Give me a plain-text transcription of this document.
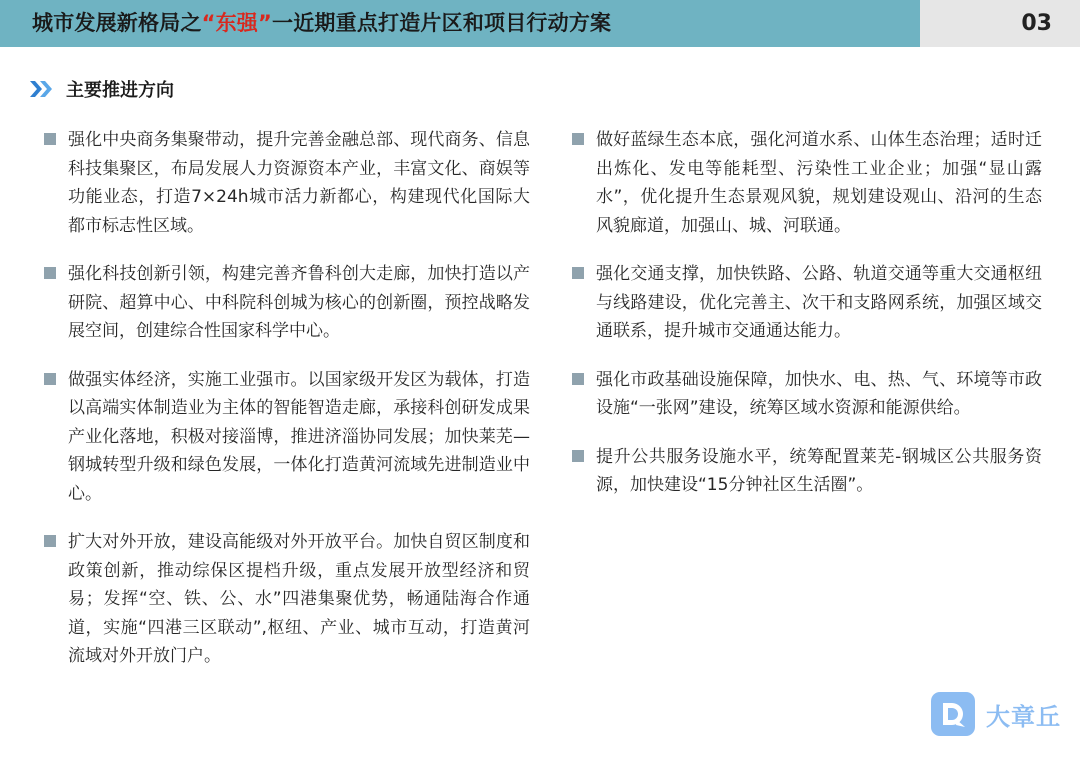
城市发展新格局之“东强”一近期重点打造片区和项目行动方案	03
主要推进方向
强化中央商务集聚带动，提升完善金融总部、现代商务、信息科技集聚区，布局发展人力资源资本产业，丰富文化、商娱等功能业态，打造7×24h城市活力新都心，构建现代化国际大都市标志性区域。
强化科技创新引领，构建完善齐鲁科创大走廊，加快打造以产研院、超算中心、中科院科创城为核心的创新圈，预控战略发展空间，创建综合性国家科学中心。
做强实体经济，实施工业强市。以国家级开发区为载体，打造以高端实体制造业为主体的智能智造走廊，承接科创研发成果产业化落地，积极对接淄博，推进济淄协同发展；加快莱芜—钢城转型升级和绿色发展，一体化打造黄河流域先进制造业中心。
扩大对外开放，建设高能级对外开放平台。加快自贸区制度和政策创新，推动综保区提档升级，重点发展开放型经济和贸易；发挥“空、铁、公、水”四港集聚优势，畅通陆海合作通道，实施“四港三区联动”,枢纽、产业、城市互动，打造黄河流域对外开放门户。
做好蓝绿生态本底，强化河道水系、山体生态治理；适时迁出炼化、发电等能耗型、污染性工业企业；加强“显山露水”，优化提升生态景观风貌，规划建设观山、沿河的生态风貌廊道，加强山、城、河联通。
强化交通支撑，加快铁路、公路、轨道交通等重大交通枢纽与线路建设，优化完善主、次干和支路网系统，加强区域交通联系，提升城市交通通达能力。
强化市政基础设施保障，加快水、电、热、气、环境等市政设施“一张网”建设，统筹区域水资源和能源供给。
提升公共服务设施水平，统筹配置莱芜-钢城区公共服务资源，加快建设“15分钟社区生活圈”。
大章丘
